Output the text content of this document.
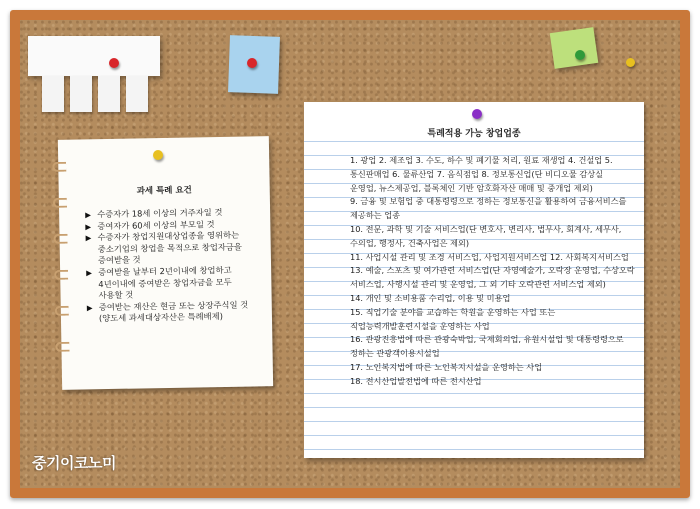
과세 특례 요건
▶ 수증자가 18세 이상의 거주자일 것
▶ 증여자가 60세 이상의 부모일 것
▶ 수증자가 창업지원대상업종을 영위하는
중소기업의 창업을 목적으로 창업자금을
증여받을 것
▶ 증여받을 날부터 2년이내에 창업하고
4년이내에 증여받은 창업자금을 모두
사용할 것
▶ 증여받는 재산은 현금 또는 상장주식일 것
(양도세 과세대상자산은 특례배제)
특례적용 가능 창업업종
1. 광업 2. 제조업 3. 수도, 하수 및 폐기물 처리, 원료 재생업 4. 건설업 5.
통신판매업 6. 물류산업 7. 음식점업 8. 정보통신업(단 비디오물 감상실
운영업, 뉴스제공업, 블록체인 기반 암호화자산 매매 및 중개업 제외)
9. 금융 및 보험업 중 대통령령으로 정하는 정보통신을 활용하여 금융서비스를
제공하는 업종
10. 전문, 과학 및 기술 서비스업(단 변호사, 변리사, 법무사, 회계사, 세무사,
수의업, 행정사, 건축사업은 제외)
11. 사업시설 관리 및 조경 서비스업, 사업지원서비스업 12. 사회복지서비스업
13. 예술, 스포츠 및 여가관련 서비스업(단 자영예술가, 오락장 운영업, 수상오락
서비스업, 사행시설 관리 및 운영업, 그 외 기타 오락관련 서비스업 제외)
14. 개인 및 소비용품 수리업, 이용 및 미용업
15. 직업기술 분야를 교습하는 학원을 운영하는 사업 또는
직업능력개발훈련시설을 운영하는 사업
16. 관광진흥법에 따른 관광숙박업, 국제회의업, 유원시설업 및 대통령령으로
정하는 관광객이용시설업
17. 노인복지법에 따른 노인복지시설을 운영하는 사업
18. 전시산업발전법에 따른 전시산업
중기이코노미
